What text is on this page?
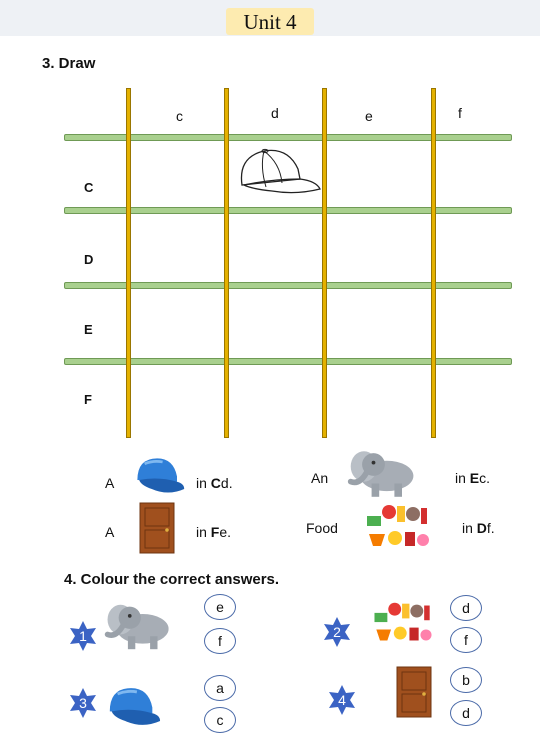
Unit 4
3. Draw
c	d	e	f
C
D
E
F
A	in Cd.	An	in Ec.
A	in Fe.	Food	in Df.
4. Colour the correct answers.
1
e
f
2
d
f
3
a
c
4
b
d
